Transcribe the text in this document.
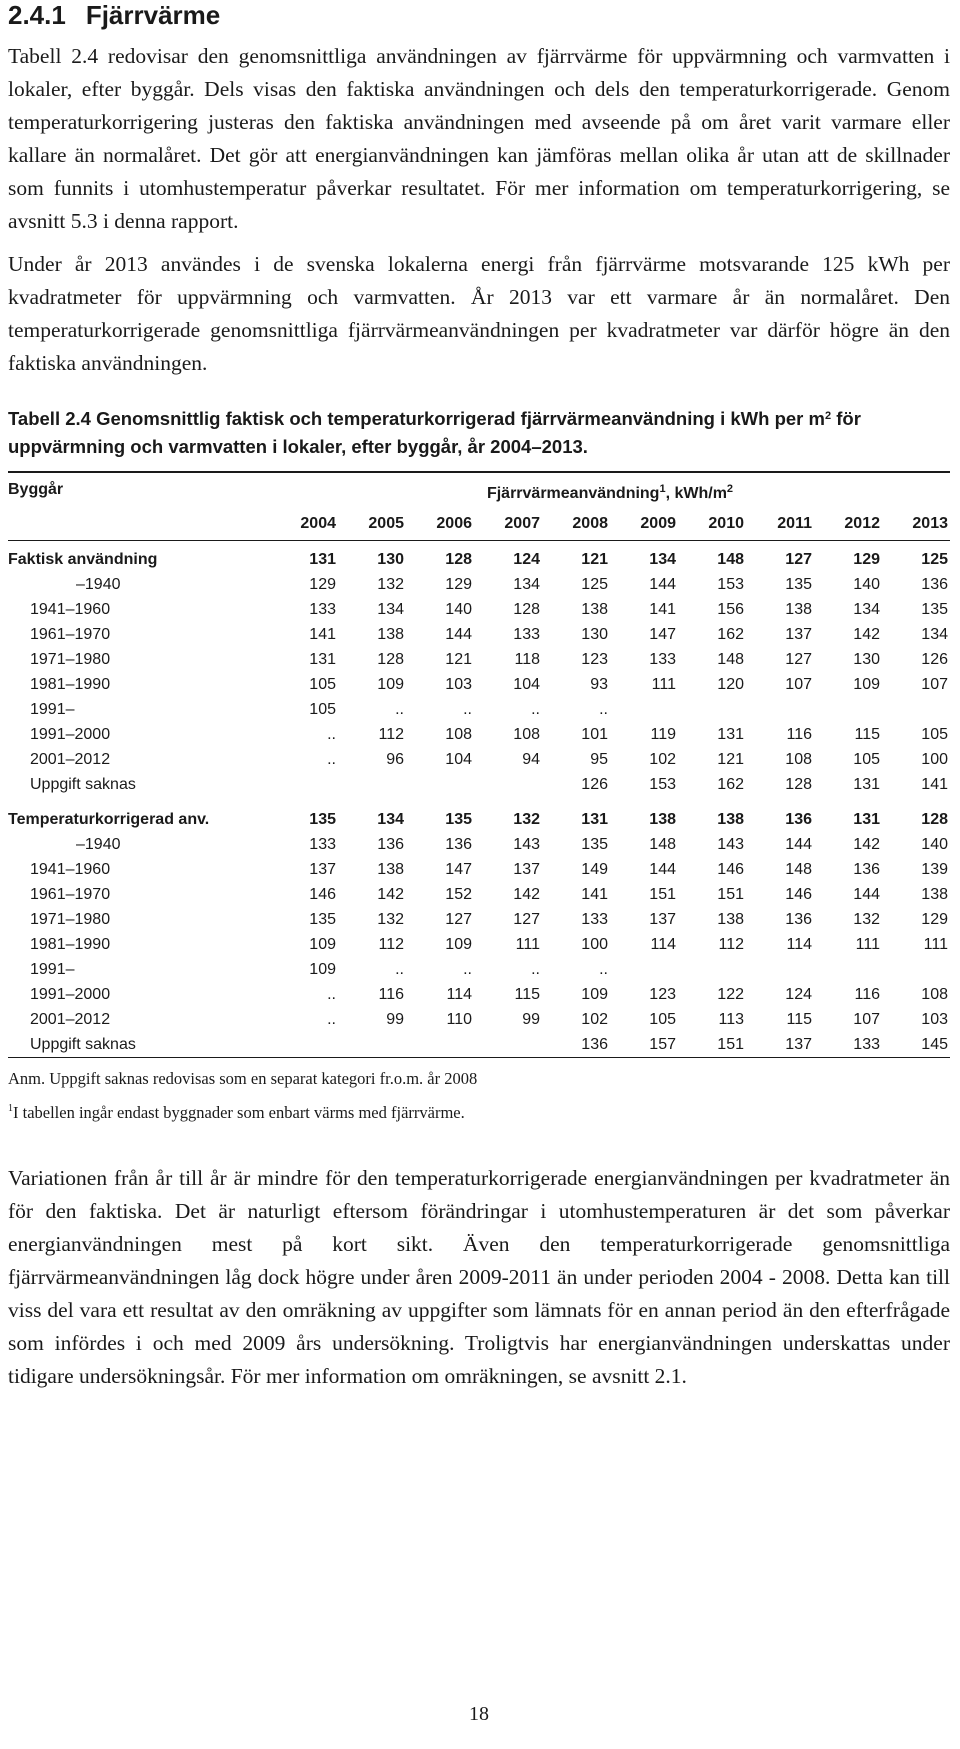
2.4.1 Fjärrvärme

Tabell 2.4 redovisar den genomsnittliga användningen av fjärrvärme för uppvärmning och varmvatten i lokaler, efter byggår. Dels visas den faktiska användningen och dels den temperaturkorrigerade. Genom temperaturkorrigering justeras den faktiska användningen med avseende på om året varit varmare eller kallare än normalåret. Det gör att energianvändningen kan jämföras mellan olika år utan att de skillnader som funnits i utomhustemperatur påverkar resultatet. För mer information om temperaturkorrigering, se avsnitt 5.3 i denna rapport.

Under år 2013 användes i de svenska lokalerna energi från fjärrvärme motsvarande 125 kWh per kvadratmeter för uppvärmning och varmvatten. År 2013 var ett varmare år än normalåret. Den temperaturkorrigerade genomsnittliga fjärrvärmeanvändningen per kvadratmeter var därför högre än den faktiska användningen.

Tabell 2.4 Genomsnittlig faktisk och temperaturkorrigerad fjärrvärmeanvändning i kWh per $m^2$ för uppvärmning och varmvatten i lokaler, efter byggår, år 2004–2013.
Byggår	Fjärrvärmeanvändning$^1$, kWh/$m^2$
	2004	2005	2006	2007	2008	2009	2010	2011	2012	2013

Faktisk användning	131	130	128	124	121	134	148	127	129	125
–1940	129	132	129	134	125	144	153	135	140	136
1941–1960	133	134	140	128	138	141	156	138	134	135
1961–1970	141	138	144	133	130	147	162	137	142	134
1971–1980	131	128	121	118	123	133	148	127	130	126
1981–1990	105	109	103	104	93	111	120	107	109	107
1991–	105	..	..	..	..					
1991–2000	..	112	108	108	101	119	131	116	115	105
2001–2012	..	96	104	94	95	102	121	108	105	100
Uppgift saknas					126	153	162	128	131	141

Temperaturkorrigerad anv.	135	134	135	132	131	138	138	136	131	128
–1940	133	136	136	143	135	148	143	144	142	140
1941–1960	137	138	147	137	149	144	146	148	136	139
1961–1970	146	142	152	142	141	151	151	146	144	138
1971–1980	135	132	127	127	133	137	138	136	132	129
1981–1990	109	112	109	111	100	114	112	114	111	111
1991–	109	..	..	..	..					
1991–2000	..	116	114	115	109	123	122	124	116	108
2001–2012	..	99	110	99	102	105	113	115	107	103
Uppgift saknas					136	157	151	137	133	145
Anm. Uppgift saknas redovisas som en separat kategori fr.o.m. år 2008
$^1$I tabellen ingår endast byggnader som enbart värms med fjärrvärme.

Variationen från år till år är mindre för den temperaturkorrigerade energianvändningen per kvadratmeter än för den faktiska. Det är naturligt eftersom förändringar i utomhustemperaturen är det som påverkar energianvändningen mest på kort sikt. Även den temperaturkorrigerade genomsnittliga fjärrvärmeanvändningen låg dock högre under åren 2009-2011 än under perioden 2004 - 2008. Detta kan till viss del vara ett resultat av den omräkning av uppgifter som lämnats för en annan period än den efterfrågade som infördes i och med 2009 års undersökning. Troligtvis har energianvändningen underskattas under tidigare undersökningsår. För mer information om omräkningen, se avsnitt 2.1.

18
